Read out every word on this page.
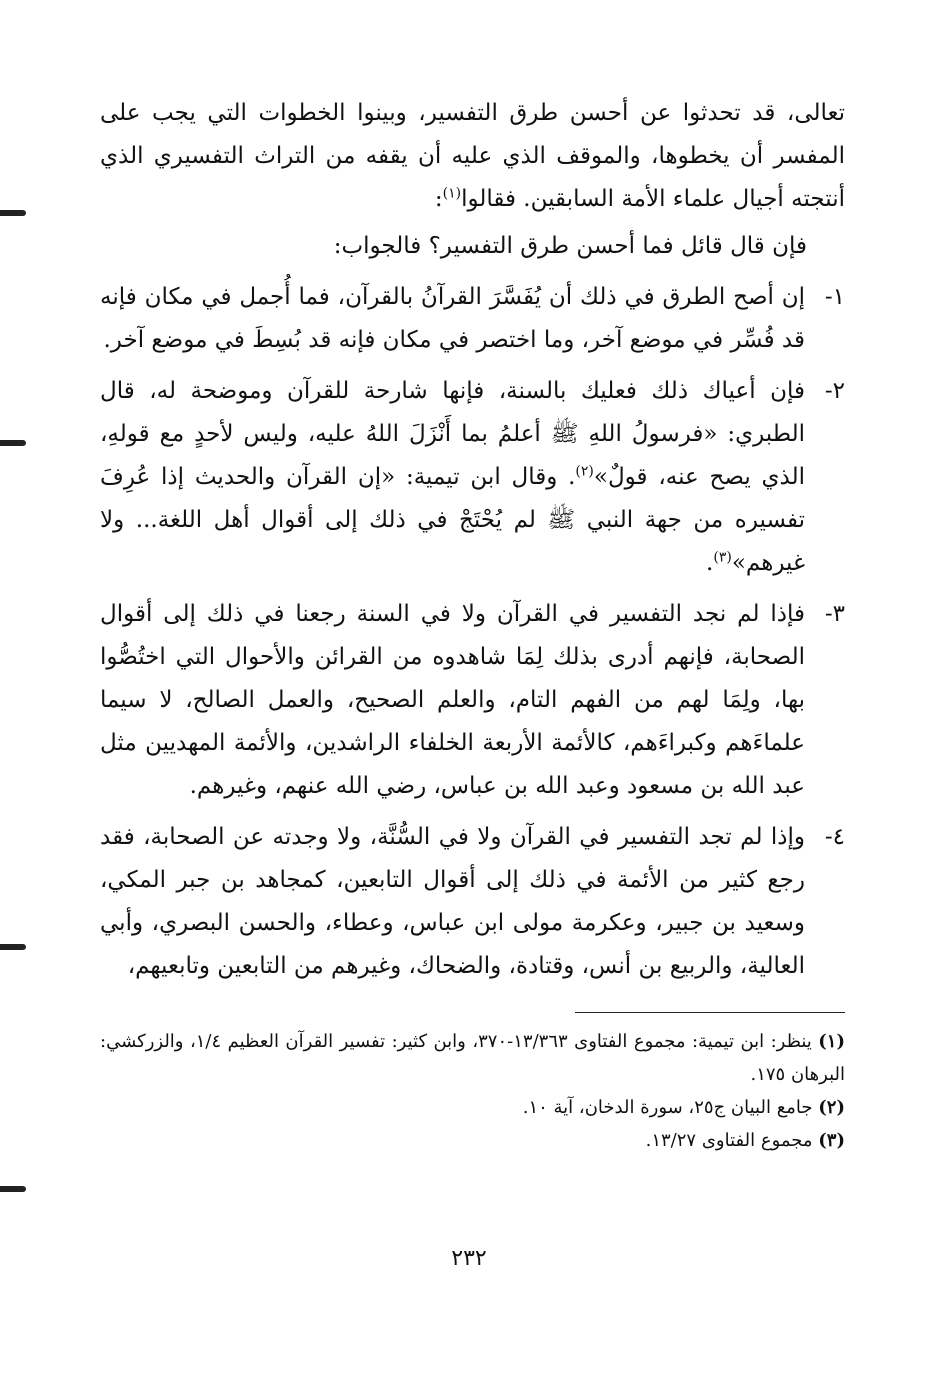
تعالى، قد تحدثوا عن أحسن طرق التفسير، وبينوا الخطوات التي يجب على المفسر أن يخطوها، والموقف الذي عليه أن يقفه من التراث التفسيري الذي أنتجته أجيال علماء الأمة السابقين. فقالوا$^{(١)}$:

فإن قال قائل فما أحسن طرق التفسير؟ فالجواب:

١-

إن أصح الطرق في ذلك أن يُفَسَّرَ القرآنُ بالقرآن، فما أُجمل في مكان فإنه قد فُسِّر في موضع آخر، وما اختصر في مكان فإنه قد بُسِطَ في موضع آخر.

٢-

فإن أعياك ذلك فعليك بالسنة، فإنها شارحة للقرآن وموضحة له، قال الطبري: «فرسولُ اللهِ ﷺ أعلمُ بما أَنْزَلَ اللهُ عليه، وليس لأحدٍ مع قولهِ، الذي يصح عنه، قولٌ»$^{(٢)}$. وقال ابن تيمية: «إن القرآن والحديث إذا عُرِفَ تفسيره من جهة النبي ﷺ لم يُحْتَجْ في ذلك إلى أقوال أهل اللغة... ولا غيرهم»$^{(٣)}$.

٣-

فإذا لم نجد التفسير في القرآن ولا في السنة رجعنا في ذلك إلى أقوال الصحابة، فإنهم أدرى بذلك لِمَا شاهدوه من القرائن والأحوال التي اختُصُّوا بها، ولِمَا لهم من الفهم التام، والعلم الصحيح، والعمل الصالح، لا سيما علماءَهم وكبراءَهم، كالأئمة الأربعة الخلفاء الراشدين، والأئمة المهديين مثل عبد الله بن مسعود وعبد الله بن عباس، رضي الله عنهم، وغيرهم.

٤-

وإذا لم تجد التفسير في القرآن ولا في السُّنَّة، ولا وجدته عن الصحابة، فقد رجع كثير من الأئمة في ذلك إلى أقوال التابعين، كمجاهد بن جبر المكي، وسعيد بن جبير، وعكرمة مولى ابن عباس، وعطاء، والحسن البصري، وأبي العالية، والربيع بن أنس، وقتادة، والضحاك، وغيرهم من التابعين وتابعيهم،

(١) ينظر: ابن تيمية: مجموع الفتاوى ١٣/٣٦٣-٣٧٠، وابن كثير: تفسير القرآن العظيم ١/٤، والزركشي: البرهان ١٧٥.

(٢) جامع البيان ج٢٥، سورة الدخان، آية ١٠.

(٣) مجموع الفتاوى ١٣/٢٧.

٢٣٢
